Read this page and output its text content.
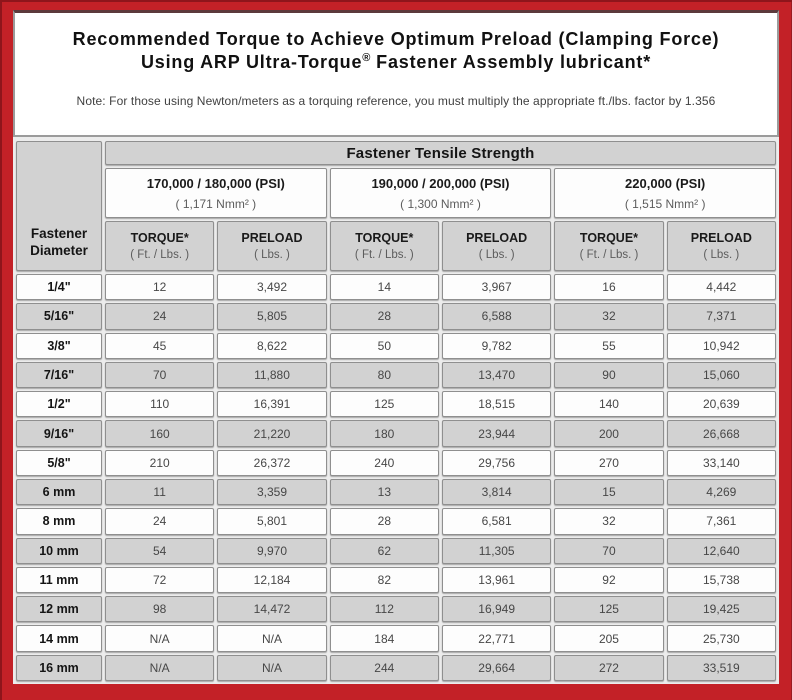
Recommended Torque to Achieve Optimum Preload (Clamping Force)
Using ARP Ultra-Torque® Fastener Assembly lubricant*
Note: For those using Newton/meters as a torquing reference, you must multiply the appropriate ft./lbs. factor by 1.356
Fastener
Diameter	Fastener Tensile Strength					

170,000 / 180,000 (PSI)
( 1,171 Nmm² )

190,000 / 200,000 (PSI)
( 1,300 Nmm² )

220,000 (PSI)
( 1,515 Nmm² )

TORQUE*
( Ft. / Lbs. )

PRELOAD
( Lbs. )

TORQUE*
( Ft. / Lbs. )

PRELOAD
( Lbs. )

TORQUE*
( Ft. / Lbs. )

PRELOAD
( Lbs. )

1/4"	12	3,492	14	3,967	16	4,442
5/16"	24	5,805	28	6,588	32	7,371
3/8"	45	8,622	50	9,782	55	10,942
7/16"	70	11,880	80	13,470	90	15,060
1/2"	110	16,391	125	18,515	140	20,639
9/16"	160	21,220	180	23,944	200	26,668
5/8"	210	26,372	240	29,756	270	33,140
6 mm	11	3,359	13	3,814	15	4,269
8 mm	24	5,801	28	6,581	32	7,361
10 mm	54	9,970	62	11,305	70	12,640
11 mm	72	12,184	82	13,961	92	15,738
12 mm	98	14,472	112	16,949	125	19,425
14 mm	N/A	N/A	184	22,771	205	25,730
16 mm	N/A	N/A	244	29,664	272	33,519
